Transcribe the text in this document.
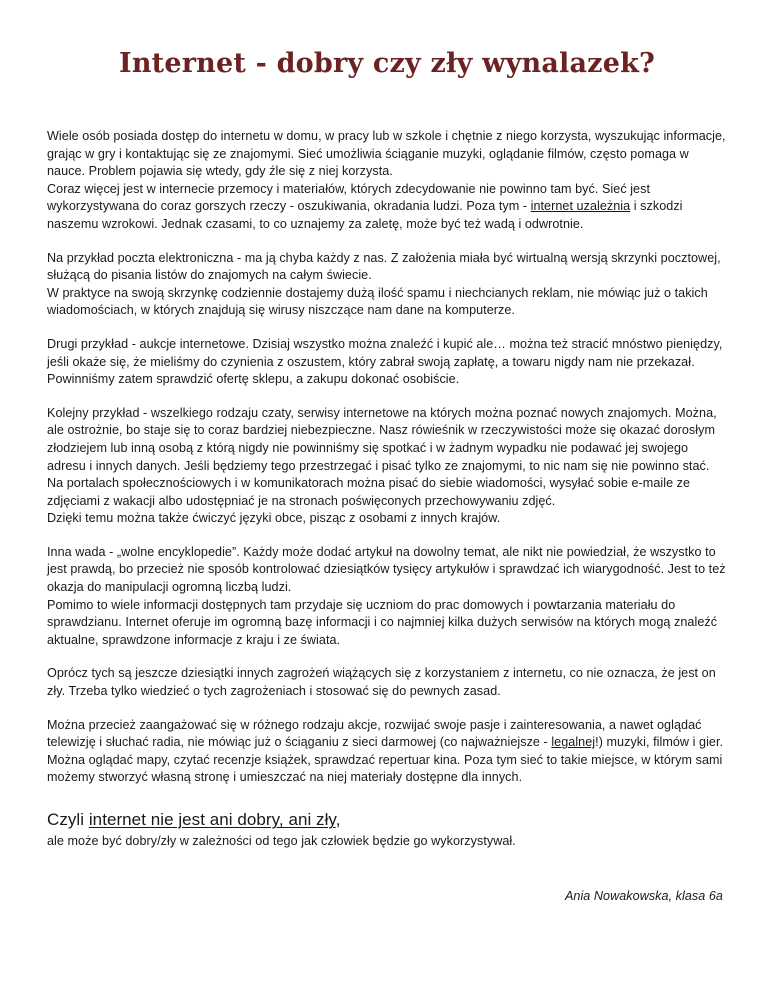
Internet - dobry czy zły wynalazek?

Wiele osób posiada dostęp do internetu w domu, w pracy lub w szkole i chętnie z niego korzysta, wyszukując informacje, grając w gry i kontaktując się ze znajomymi. Sieć umożliwia ściąganie muzyki, oglądanie filmów, często pomaga w nauce. Problem pojawia się wtedy, gdy źle się z niej korzysta.

Coraz więcej jest w internecie przemocy i materiałów, których zdecydowanie nie powinno tam być. Sieć jest wykorzystywana do coraz gorszych rzeczy - oszukiwania, okradania ludzi. Poza tym - internet uzależnia i szkodzi naszemu wzrokowi. Jednak czasami, to co uznajemy za zaletę, może być też wadą i odwrotnie.

Na przykład poczta elektroniczna - ma ją chyba każdy z nas. Z założenia miała być wirtualną wersją skrzynki pocztowej, służącą do pisania listów do znajomych na całym świecie.

W praktyce na swoją skrzynkę codziennie dostajemy dużą ilość spamu i niechcianych reklam, nie mówiąc już o takich wiadomościach, w których znajdują się wirusy niszczące nam dane na komputerze.

Drugi przykład - aukcje internetowe. Dzisiaj wszystko można znaleźć i kupić ale… można też stracić mnóstwo pieniędzy, jeśli okaże się, że mieliśmy do czynienia z oszustem, który zabrał swoją zapłatę, a towaru nigdy nam nie przekazał. Powinniśmy zatem sprawdzić ofertę sklepu, a zakupu dokonać osobiście.

Kolejny przykład - wszelkiego rodzaju czaty, serwisy internetowe na których można poznać nowych znajomych. Można, ale ostrożnie, bo staje się to coraz bardziej niebezpieczne. Nasz rówieśnik w rzeczywistości może się okazać dorosłym złodziejem lub inną osobą z którą nigdy nie powinniśmy się spotkać i w żadnym wypadku nie podawać jej swojego adresu i innych danych. Jeśli będziemy tego przestrzegać i pisać tylko ze znajomymi, to nic nam się nie powinno stać.

Na portalach społecznościowych i w komunikatorach można pisać do siebie wiadomości, wysyłać sobie e-maile ze zdjęciami z wakacji albo udostępniać je na stronach poświęconych przechowywaniu zdjęć.

Dzięki temu można także ćwiczyć języki obce, pisząc z osobami z innych krajów.

Inna wada - „wolne encyklopedie”. Każdy może dodać artykuł na dowolny temat, ale nikt nie powiedział, że wszystko to jest prawdą, bo przecież nie sposób kontrolować dziesiątków tysięcy artykułów i sprawdzać ich wiarygodność. Jest to też okazja do manipulacji ogromną liczbą ludzi.

Pomimo to wiele informacji dostępnych tam przydaje się uczniom do prac domowych i powtarzania materiału do sprawdzianu. Internet oferuje im ogromną bazę informacji i co najmniej kilka dużych serwisów na których mogą znaleźć aktualne, sprawdzone informacje z kraju i ze świata.

Oprócz tych są jeszcze dziesiątki innych zagrożeń wiążących się z korzystaniem z internetu, co nie oznacza, że jest on zły. Trzeba tylko wiedzieć o tych zagrożeniach i stosować się do pewnych zasad.

Można przecież zaangażować się w różnego rodzaju akcje, rozwijać swoje pasje i zainteresowania, a nawet oglądać telewizję i słuchać radia, nie mówiąc już o ściąganiu z sieci darmowej (co najważniejsze - legalnej!) muzyki, filmów i gier. Można oglądać mapy, czytać recenzje książek, sprawdzać repertuar kina. Poza tym sieć to takie miejsce, w którym sami możemy stworzyć własną stronę i umieszczać na niej materiały dostępne dla innych.

Czyli internet nie jest ani dobry, ani zły,

ale może być dobry/zły w zależności od tego jak człowiek będzie go wykorzystywał.

Ania Nowakowska, klasa 6a
